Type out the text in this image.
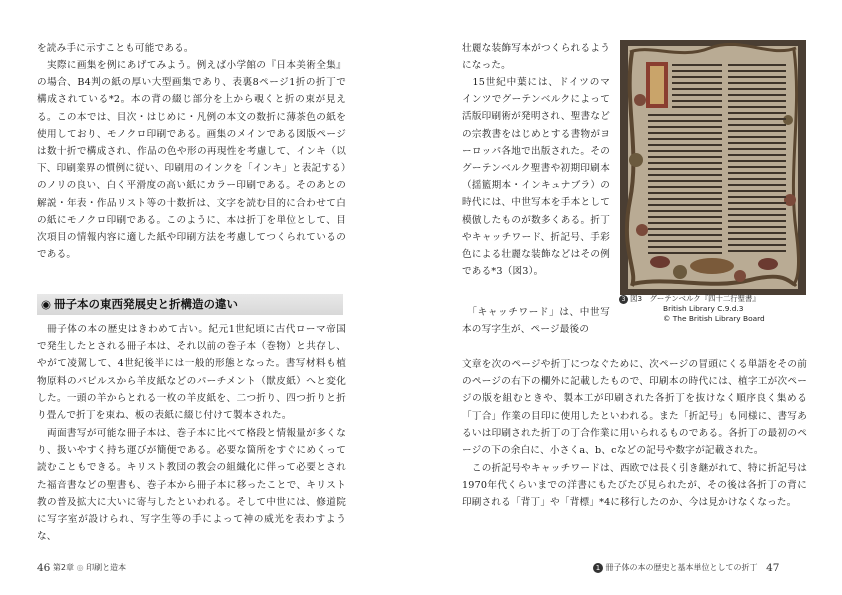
を読み手に示すことも可能である。

　実際に画集を例にあげてみよう。例えば小学館の『日本美術全集』の場合、B4判の紙の厚い大型画集であり、表裏8ページ1折の折丁で構成されている*2。本の背の綴じ部分を上から覗くと折の束が見える。この本では、目次・はじめに・凡例の本文の数折に薄茶色の紙を使用しており、モノクロ印刷である。画集のメインである図版ページは数十折で構成され、作品の色や形の再現性を考慮して、インキ（以下、印刷業界の慣例に従い、印刷用のインクを「インキ」と表記する）のノリの良い、白く平滑度の高い紙にカラー印刷である。そのあとの解説・年表・作品リスト等の十数折は、文字を読む目的に合わせて白の紙にモノクロ印刷である。このように、本は折丁を単位として、目次項目の情報内容に適した紙や印刷方法を考慮してつくられているのである。

◉ 冊子本の東西発展史と折構造の違い

　冊子体の本の歴史はきわめて古い。紀元1世紀頃に古代ローマ帝国で発生したとされる冊子本は、それ以前の巻子本（巻物）と共存し、やがて凌駕して、4世紀後半には一般的形態となった。書写材料も植物原料のパピルスから羊皮紙などのパーチメント（獣皮紙）へと変化した。一頭の羊からとれる一枚の羊皮紙を、二つ折り、四つ折りと折り畳んで折丁を束ね、板の表紙に綴じ付けて製本された。

　両面書写が可能な冊子本は、巻子本に比べて格段と情報量が多くなり、扱いやすく持ち運びが簡便である。必要な箇所をすぐにめくって読むこともできる。キリスト教団の教会の組織化に伴って必要とされた福音書などの聖書も、巻子本から冊子本に移ったことで、キリスト教の普及拡大に大いに寄与したといわれる。そして中世には、修道院に写字室が設けられ、写字生等の手によって神の威光を表わすような、

46 第2章 ◎ 印刷と造本

壮麗な装飾写本がつくられるようになった。

　15世紀中葉には、ドイツのマインツでグーテンベルクによって活版印刷術が発明され、聖書などの宗教書をはじめとする書物がヨーロッパ各地で出版された。そのグーテンベルク聖書や初期印刷本（揺籃期本・インキュナブラ）の時代には、中世写本を手本として模倣したものが数多くある。折丁やキャッチワード、折記号、手彩色による壮麗な装飾などはその例である*3（図3）。

　「キャッチワード」は、中世写本の写字生が、ページ最後の

3 図3　グーテンベルク『四十二行聖書』
British Library C.9.d.3
© The British Library Board

文章を次のページや折丁につなぐために、次ページの冒頭にくる単語をその前のページの右下の欄外に記載したもので、印刷本の時代には、植字工が次ページの版を組むときや、製本工が印刷された各折丁を抜けなく順序良く集める「丁合」作業の目印に使用したといわれる。また「折記号」も同様に、書写あるいは印刷された折丁の丁合作業に用いられるものである。各折丁の最初のページの下の余白に、小さくa、b、cなどの記号や数字が記載された。

　この折記号やキャッチワードは、西欧では長く引き継がれて、特に折記号は1970年代くらいまでの洋書にもたびたび見られたが、その後は各折丁の背に印刷される「背丁」や「背標」*4に移行したのか、今は見かけなくなった。

1 冊子体の本の歴史と基本単位としての折丁 47
